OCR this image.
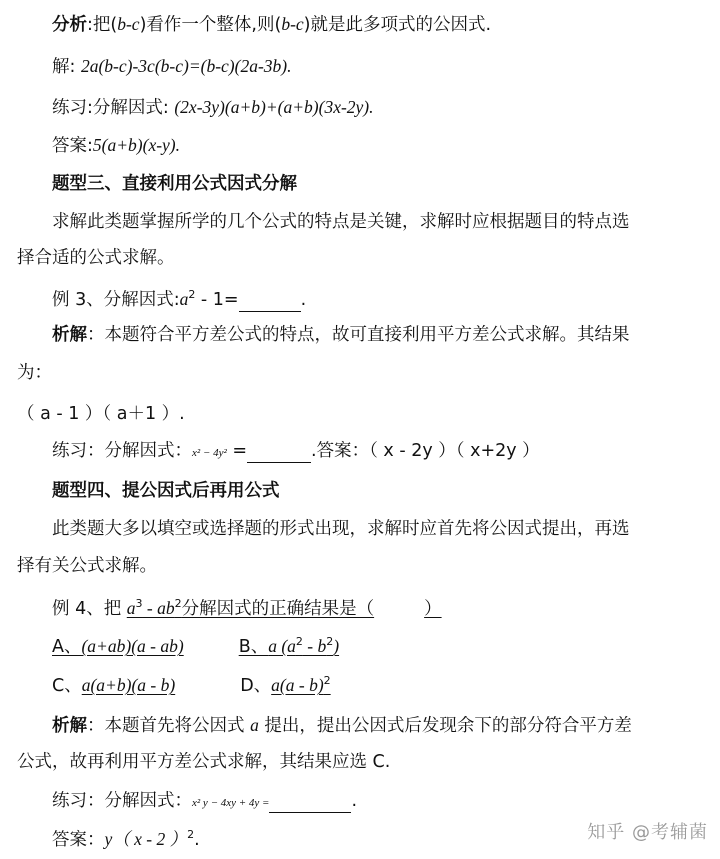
分析:把(b-c)看作一个整体,则(b-c)就是此多项式的公因式.
解: 2a(b-c)-3c(b-c)=(b-c)(2a-3b).
练习:分解因式: (2x-3y)(a+b)+(a+b)(3x-2y).
答案:5(a+b)(x-y).
题型三、直接利用公式因式分解
求解此类题掌握所学的几个公式的特点是关键，求解时应根据题目的特点选
择合适的公式求解。
例 3、分解因式$:a^2 - 1=$	.
析解：本题符合平方差公式的特点，故可直接利用平方差公式求解。其结果
为：
（ a - 1 ）（ a＋1 ）.
练习：分解因式：x² − 4y² =	.答案：（ x - 2y ）（ x+2y ）
题型四、提公因式后再用公式
此类题大多以填空或选择题的形式出现，求解时应首先将公因式提出，再选
择有关公式求解。
例 4、把 $a^3 - ab^2$分解因式的正确结果是（	）
A、(a+ab)(a - ab)	B、a $(a^2 - b^2)$
C、a(a+b)(a - b)	D、a(a - b)$^2$
析解：本题首先将公因式 a 提出，提出公因式后发现余下的部分符合平方差
公式，故再利用平方差公式求解，其结果应选 C.
练习：分解因式：x² y − 4xy + 4y =	.
答案：y（ x - 2 ）$^2$.	知乎 @考辅菌
